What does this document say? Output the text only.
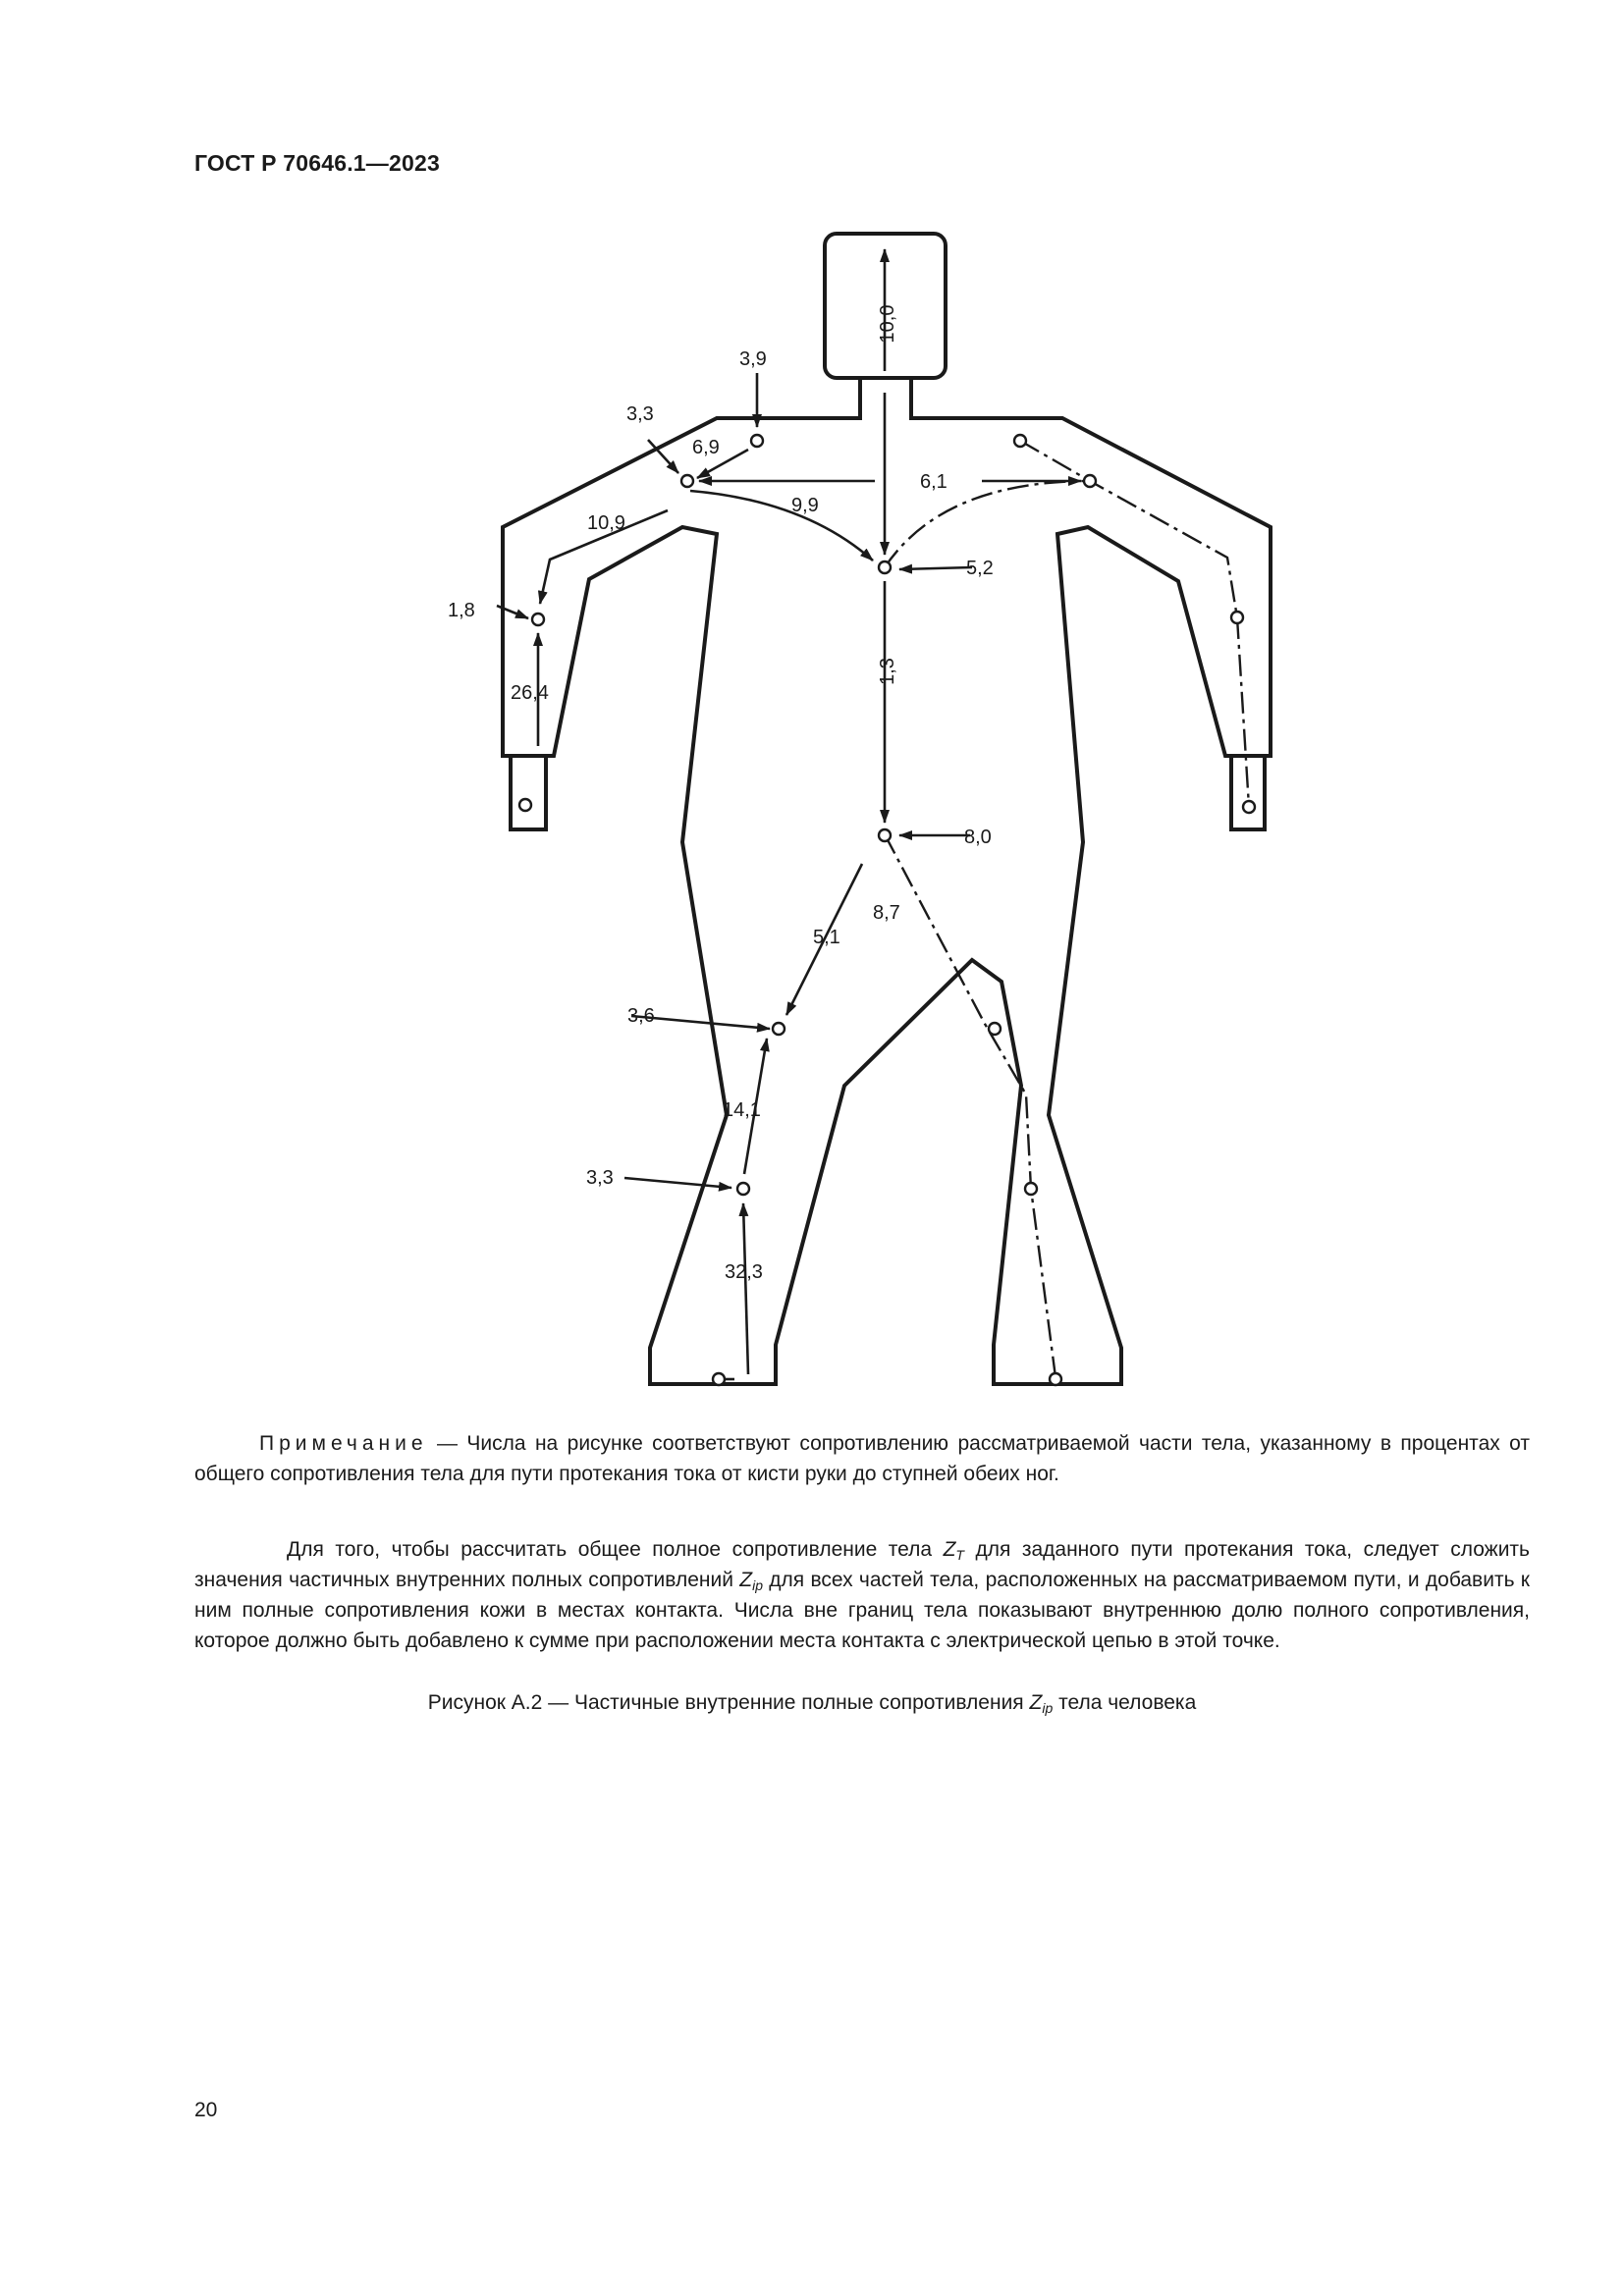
ГОСТ Р 70646.1—2023
10,0
3,9
3,3
6,9
6,1
10,9
9,9
5,2
1,8
26,4
1,3
8,0
5,1
8,7
3,6
14,1
3,3
32,3
Примечание — Числа на рисунке соответствуют сопротивлению рассматриваемой части тела, указанному в процентах от общего сопротивления тела для пути протекания тока от кисти руки до ступней обеих ног.
Для того, чтобы рассчитать общее полное сопротивление тела $Z_T$ для заданного пути протекания тока, следует сложить значения частичных внутренних полных сопротивлений $Z_{ip}$ для всех частей тела, расположенных на рассматриваемом пути, и добавить к ним полные сопротивления кожи в местах контакта. Числа вне границ тела показывают внутреннюю долю полного сопротивления, которое должно быть добавлено к сумме при расположении места контакта с электрической цепью в этой точке.
Рисунок А.2 — Частичные внутренние полные сопротивления $Z_{ip}$ тела человека
20
